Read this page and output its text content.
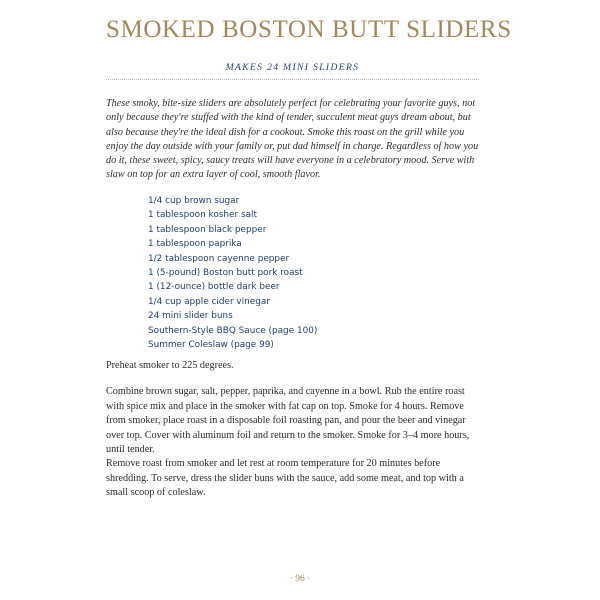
SMOKED BOSTON BUTT SLIDERS
MAKES 24 MINI SLIDERS

These smoky, bite-size sliders are absolutely perfect for celebrating your favorite guys, not only because they're stuffed with the kind of tender, succulent meat guys dream about, but also because they're the ideal dish for a cookout. Smoke this roast on the grill while you enjoy the day outside with your family or, put dad himself in charge. Regardless of how you do it, these sweet, spicy, saucy treats will have everyone in a celebratory mood. Serve with slaw on top for an extra layer of cool, smooth flavor.

1/4 cup brown sugar
1 tablespoon kosher salt
1 tablespoon black pepper
1 tablespoon paprika
1/2 tablespoon cayenne pepper
1 (5-pound) Boston butt pork roast
1 (12-ounce) bottle dark beer
1/4 cup apple cider vinegar
24 mini slider buns
Southern-Style BBQ Sauce (page 100)
Summer Coleslaw (page 99)

Preheat smoker to 225 degrees.

Combine brown sugar, salt, pepper, paprika, and cayenne in a bowl. Rub the entire roast with spice mix and place in the smoker with fat cap on top. Smoke for 4 hours. Remove from smoker, place roast in a disposable foil roasting pan, and pour the beer and vinegar over top. Cover with aluminum foil and return to the smoker. Smoke for 3–4 more hours, until tender.

Remove roast from smoker and let rest at room temperature for 20 minutes before shredding. To serve, dress the slider buns with the sauce, add some meat, and top with a small scoop of coleslaw.

· 96 ·
